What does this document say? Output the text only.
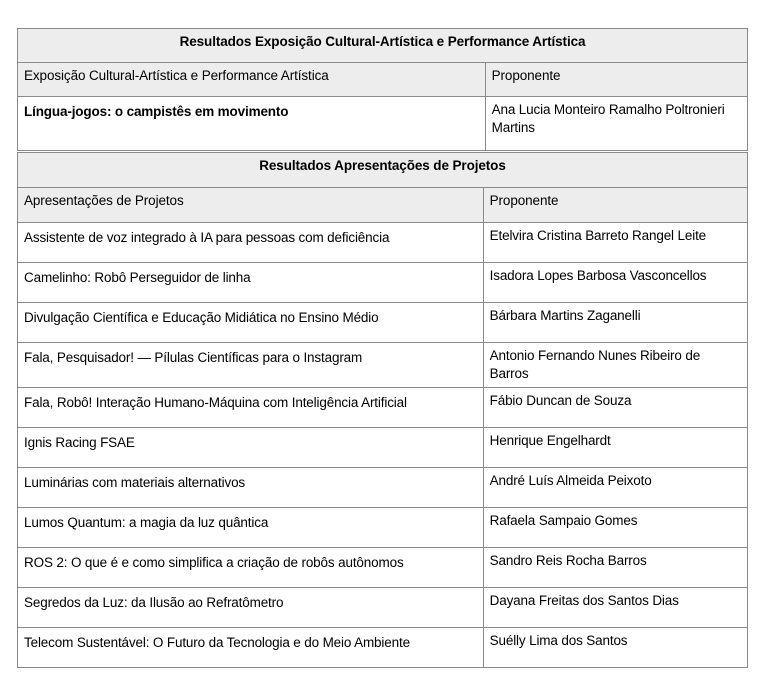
Resultados Exposição Cultural-Artística e Performance Artística	
Exposição Cultural-Artística e Performance Artística	Proponente
Língua-jogos: o campistês em movimento	Ana Lucia Monteiro Ramalho Poltronieri Martins
Resultados Apresentações de Projetos	
Apresentações de Projetos	Proponente
Assistente de voz integrado à IA para pessoas com deficiência	Etelvira Cristina Barreto Rangel Leite
Camelinho: Robô Perseguidor de linha	Isadora Lopes Barbosa Vasconcellos
Divulgação Científica e Educação Midiática no Ensino Médio	Bárbara Martins Zaganelli
Fala, Pesquisador! — Pílulas Científicas para o Instagram	Antonio Fernando Nunes Ribeiro de Barros
Fala, Robô! Interação Humano-Máquina com Inteligência Artificial	Fábio Duncan de Souza
Ignis Racing FSAE	Henrique Engelhardt
Luminárias com materiais alternativos	André Luís Almeida Peixoto
Lumos Quantum: a magia da luz quântica	Rafaela Sampaio Gomes
ROS 2: O que é e como simplifica a criação de robôs autônomos	Sandro Reis Rocha Barros
Segredos da Luz: da Ilusão ao Refratômetro	Dayana Freitas dos Santos Dias
Telecom Sustentável: O Futuro da Tecnologia e do Meio Ambiente	Suélly Lima dos Santos
